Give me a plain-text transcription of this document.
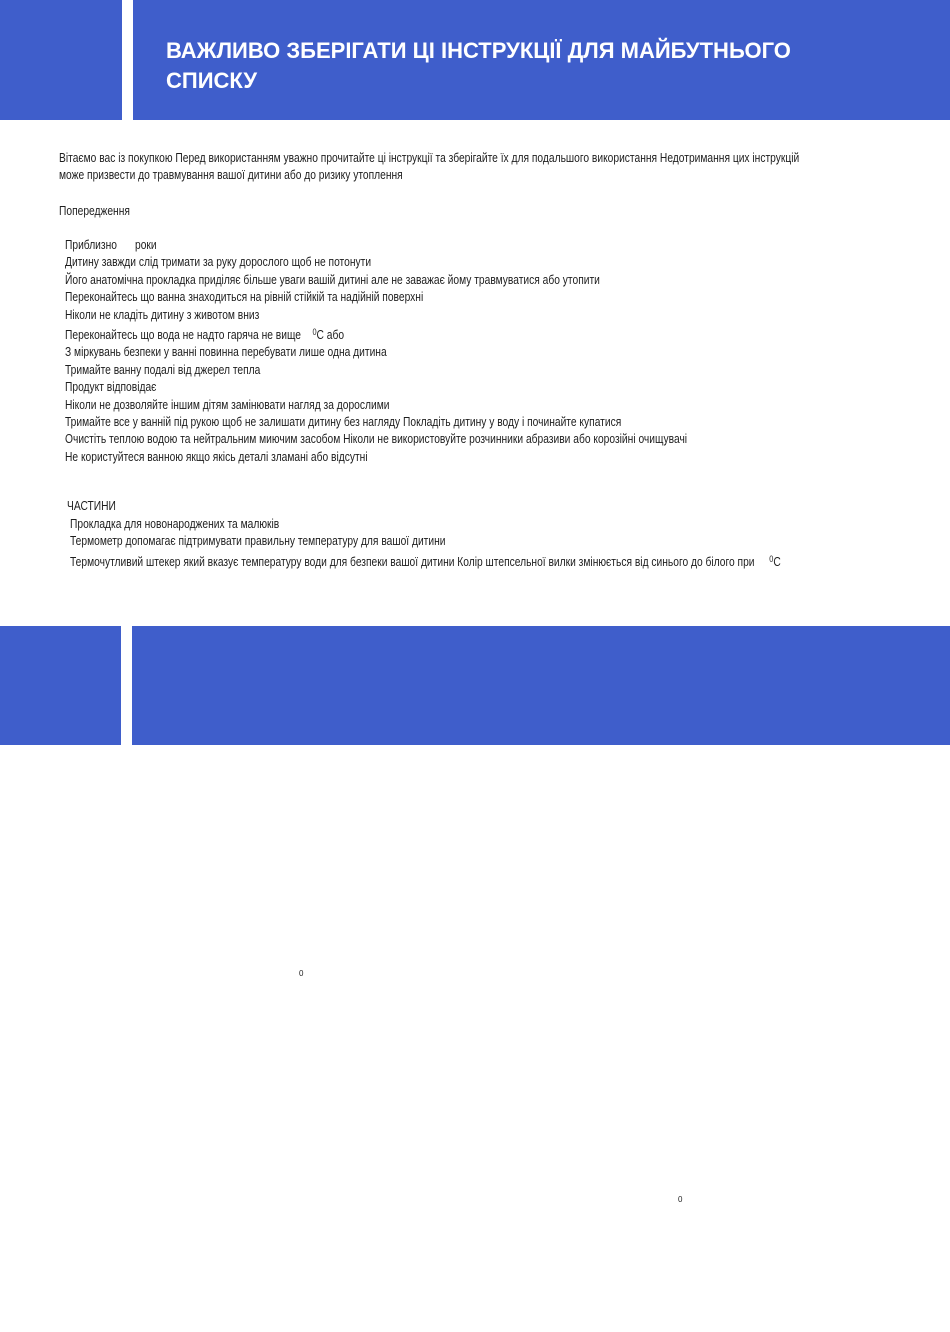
ВАЖЛИВО ЗБЕРІГАТИ ЦІ ІНСТРУКЦІЇ ДЛЯ МАЙБУТНЬОГО СПИСКУ
Вітаємо вас із покупкою Перед використанням уважно прочитайте ці інструкції та зберігайте їх для подальшого використання Недотримання цих інструкцій
може призвести до травмування вашої дитини або до ризику утоплення
Попередження
Приблизно роки
Дитину завжди слід тримати за руку дорослого щоб не потонути
Його анатомічна прокладка приділяє більше уваги вашій дитині але не заважає йому травмуватися або утопити
Переконайтесь що ванна знаходиться на рівній стійкій та надійній поверхні
Ніколи не кладіть дитину з животом вниз
Переконайтесь що вода не надто гаряча не вище $^0$С або
З міркувань безпеки у ванні повинна перебувати лише одна дитина
Тримайте ванну подалі від джерел тепла
Продукт відповідає
Ніколи не дозволяйте іншим дітям замінювати нагляд за дорослими
Тримайте все у ванній під рукою щоб не залишати дитину без нагляду Покладіть дитину у воду і починайте купатися
Очистіть теплою водою та нейтральним миючим засобом Ніколи не використовуйте розчинники абразиви або корозійні очищувачі
Не користуйтеся ванною якщо якісь деталі зламані або відсутні
ЧАСТИНИ
Прокладка для новонароджених та малюків
Термометр допомагає підтримувати правильну температуру для вашої дитини
Термочутливий штекер який вказує температуру води для безпеки вашої дитини Колір штепсельної вилки змінюється від синього до білого при $^0$С
0
0
